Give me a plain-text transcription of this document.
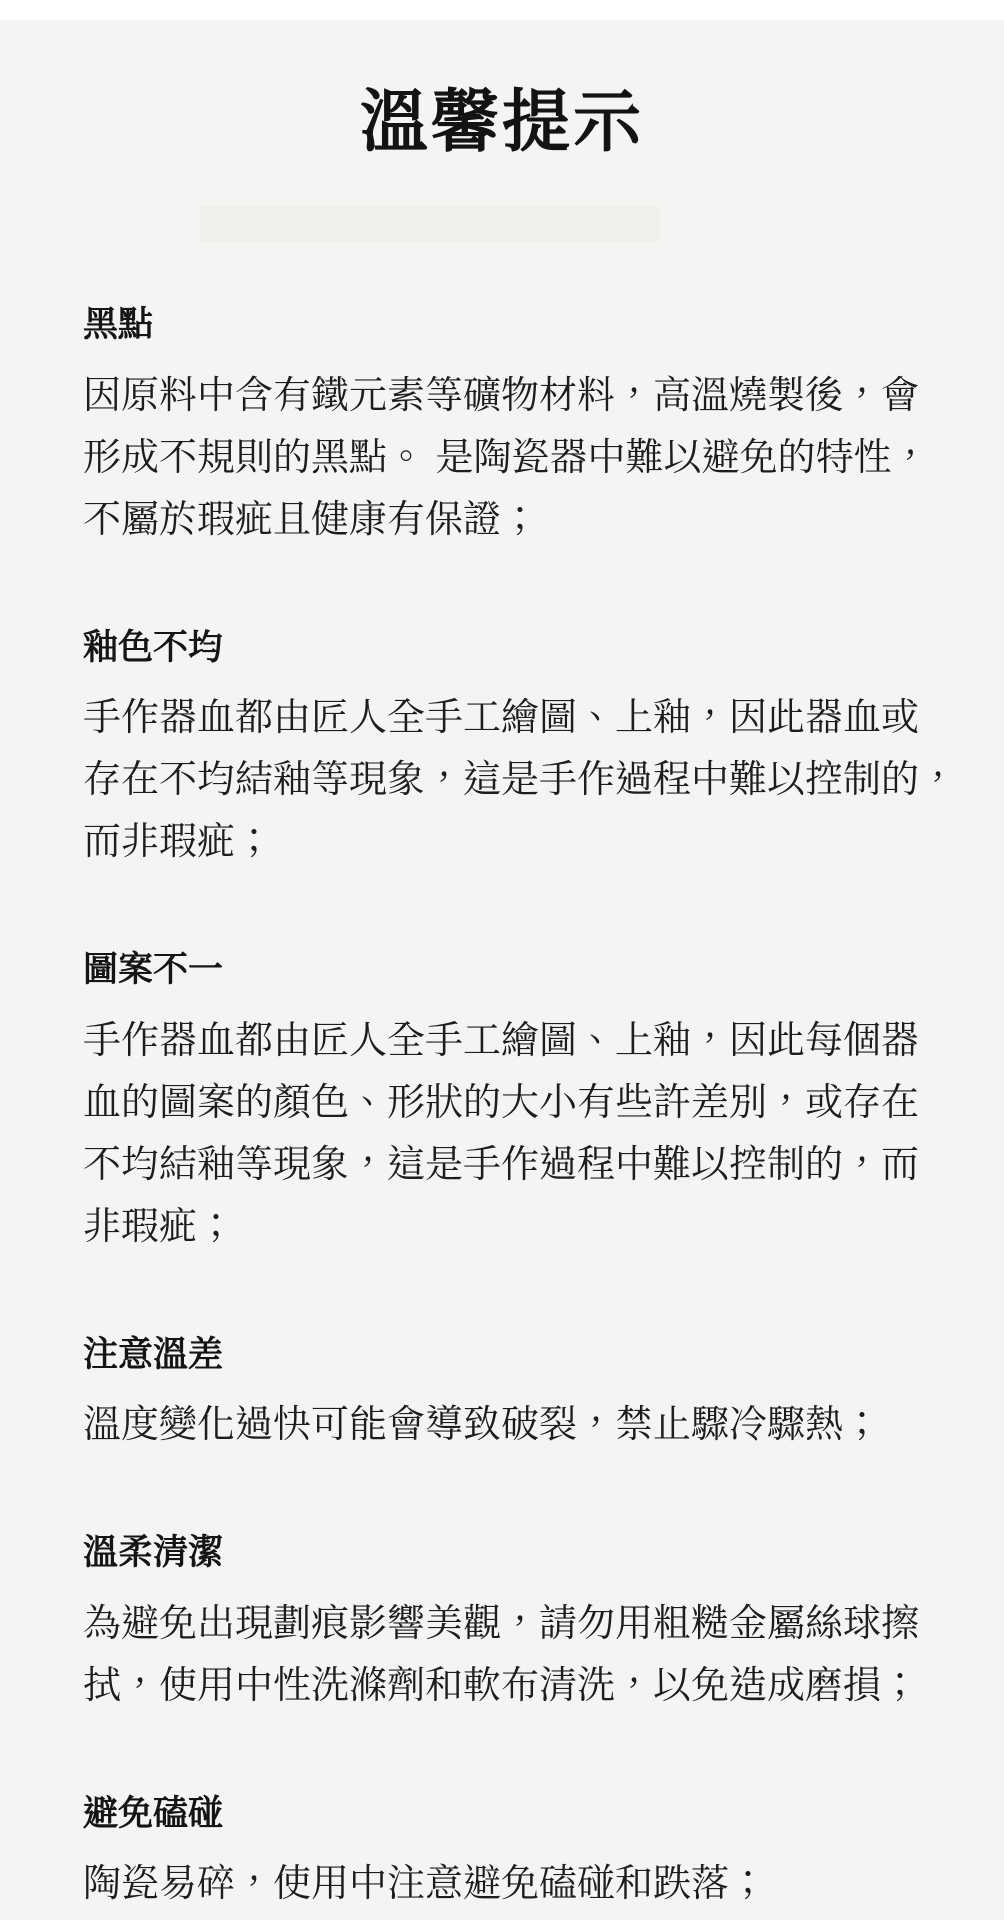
溫馨提示
黑點
因原料中含有鐵元素等礦物材料，高溫燒製後，會
形成不規則的黑點。 是陶瓷器中難以避免的特性，
不屬於瑕疵且健康有保證；
釉色不均
手作器血都由匠人全手工繪圖、上釉，因此器血或
存在不均結釉等現象，這是手作過程中難以控制的，
而非瑕疵；
圖案不一
手作器血都由匠人全手工繪圖、上釉，因此每個器
血的圖案的顏色、形狀的大小有些許差別，或存在
不均結釉等現象，這是手作過程中難以控制的，而
非瑕疵；
注意溫差
溫度變化過快可能會導致破裂，禁止驟冷驟熱；
溫柔清潔
為避免出現劃痕影響美觀，請勿用粗糙金屬絲球擦
拭，使用中性洗滌劑和軟布清洗，以免造成磨損；
避免磕碰
陶瓷易碎，使用中注意避免磕碰和跌落；
